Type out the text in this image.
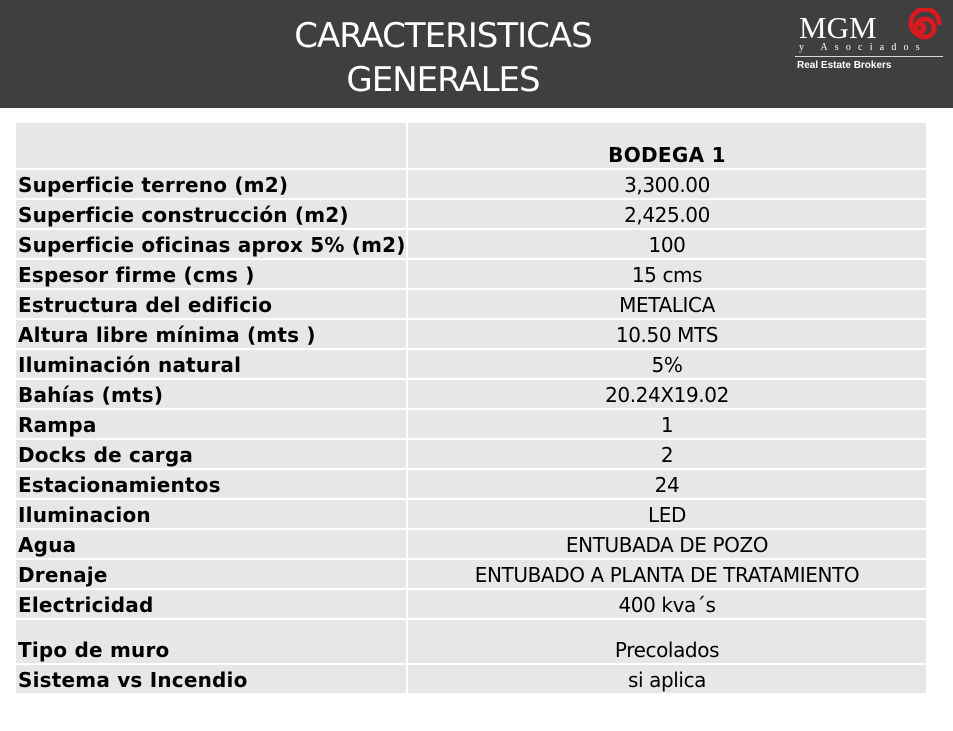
CARACTERISTICAS
GENERALES
MGM
y Asociados
Real Estate Brokers
BODEGA 1
Superficie terreno (m2)	3,300.00
Superficie construcción (m2)	2,425.00
Superficie oficinas aprox 5% (m2)	100
Espesor firme (cms )	15 cms
Estructura del edificio	METALICA
Altura libre mínima (mts )	10.50 MTS
Iluminación natural	5%
Bahías (mts)	20.24X19.02
Rampa	1
Docks de carga	2
Estacionamientos	24
Iluminacion	LED
Agua	ENTUBADA DE POZO
Drenaje	ENTUBADO A PLANTA DE TRATAMIENTO
Electricidad	400 kva´s
Tipo de muro	Precolados
Sistema vs Incendio	si aplica
